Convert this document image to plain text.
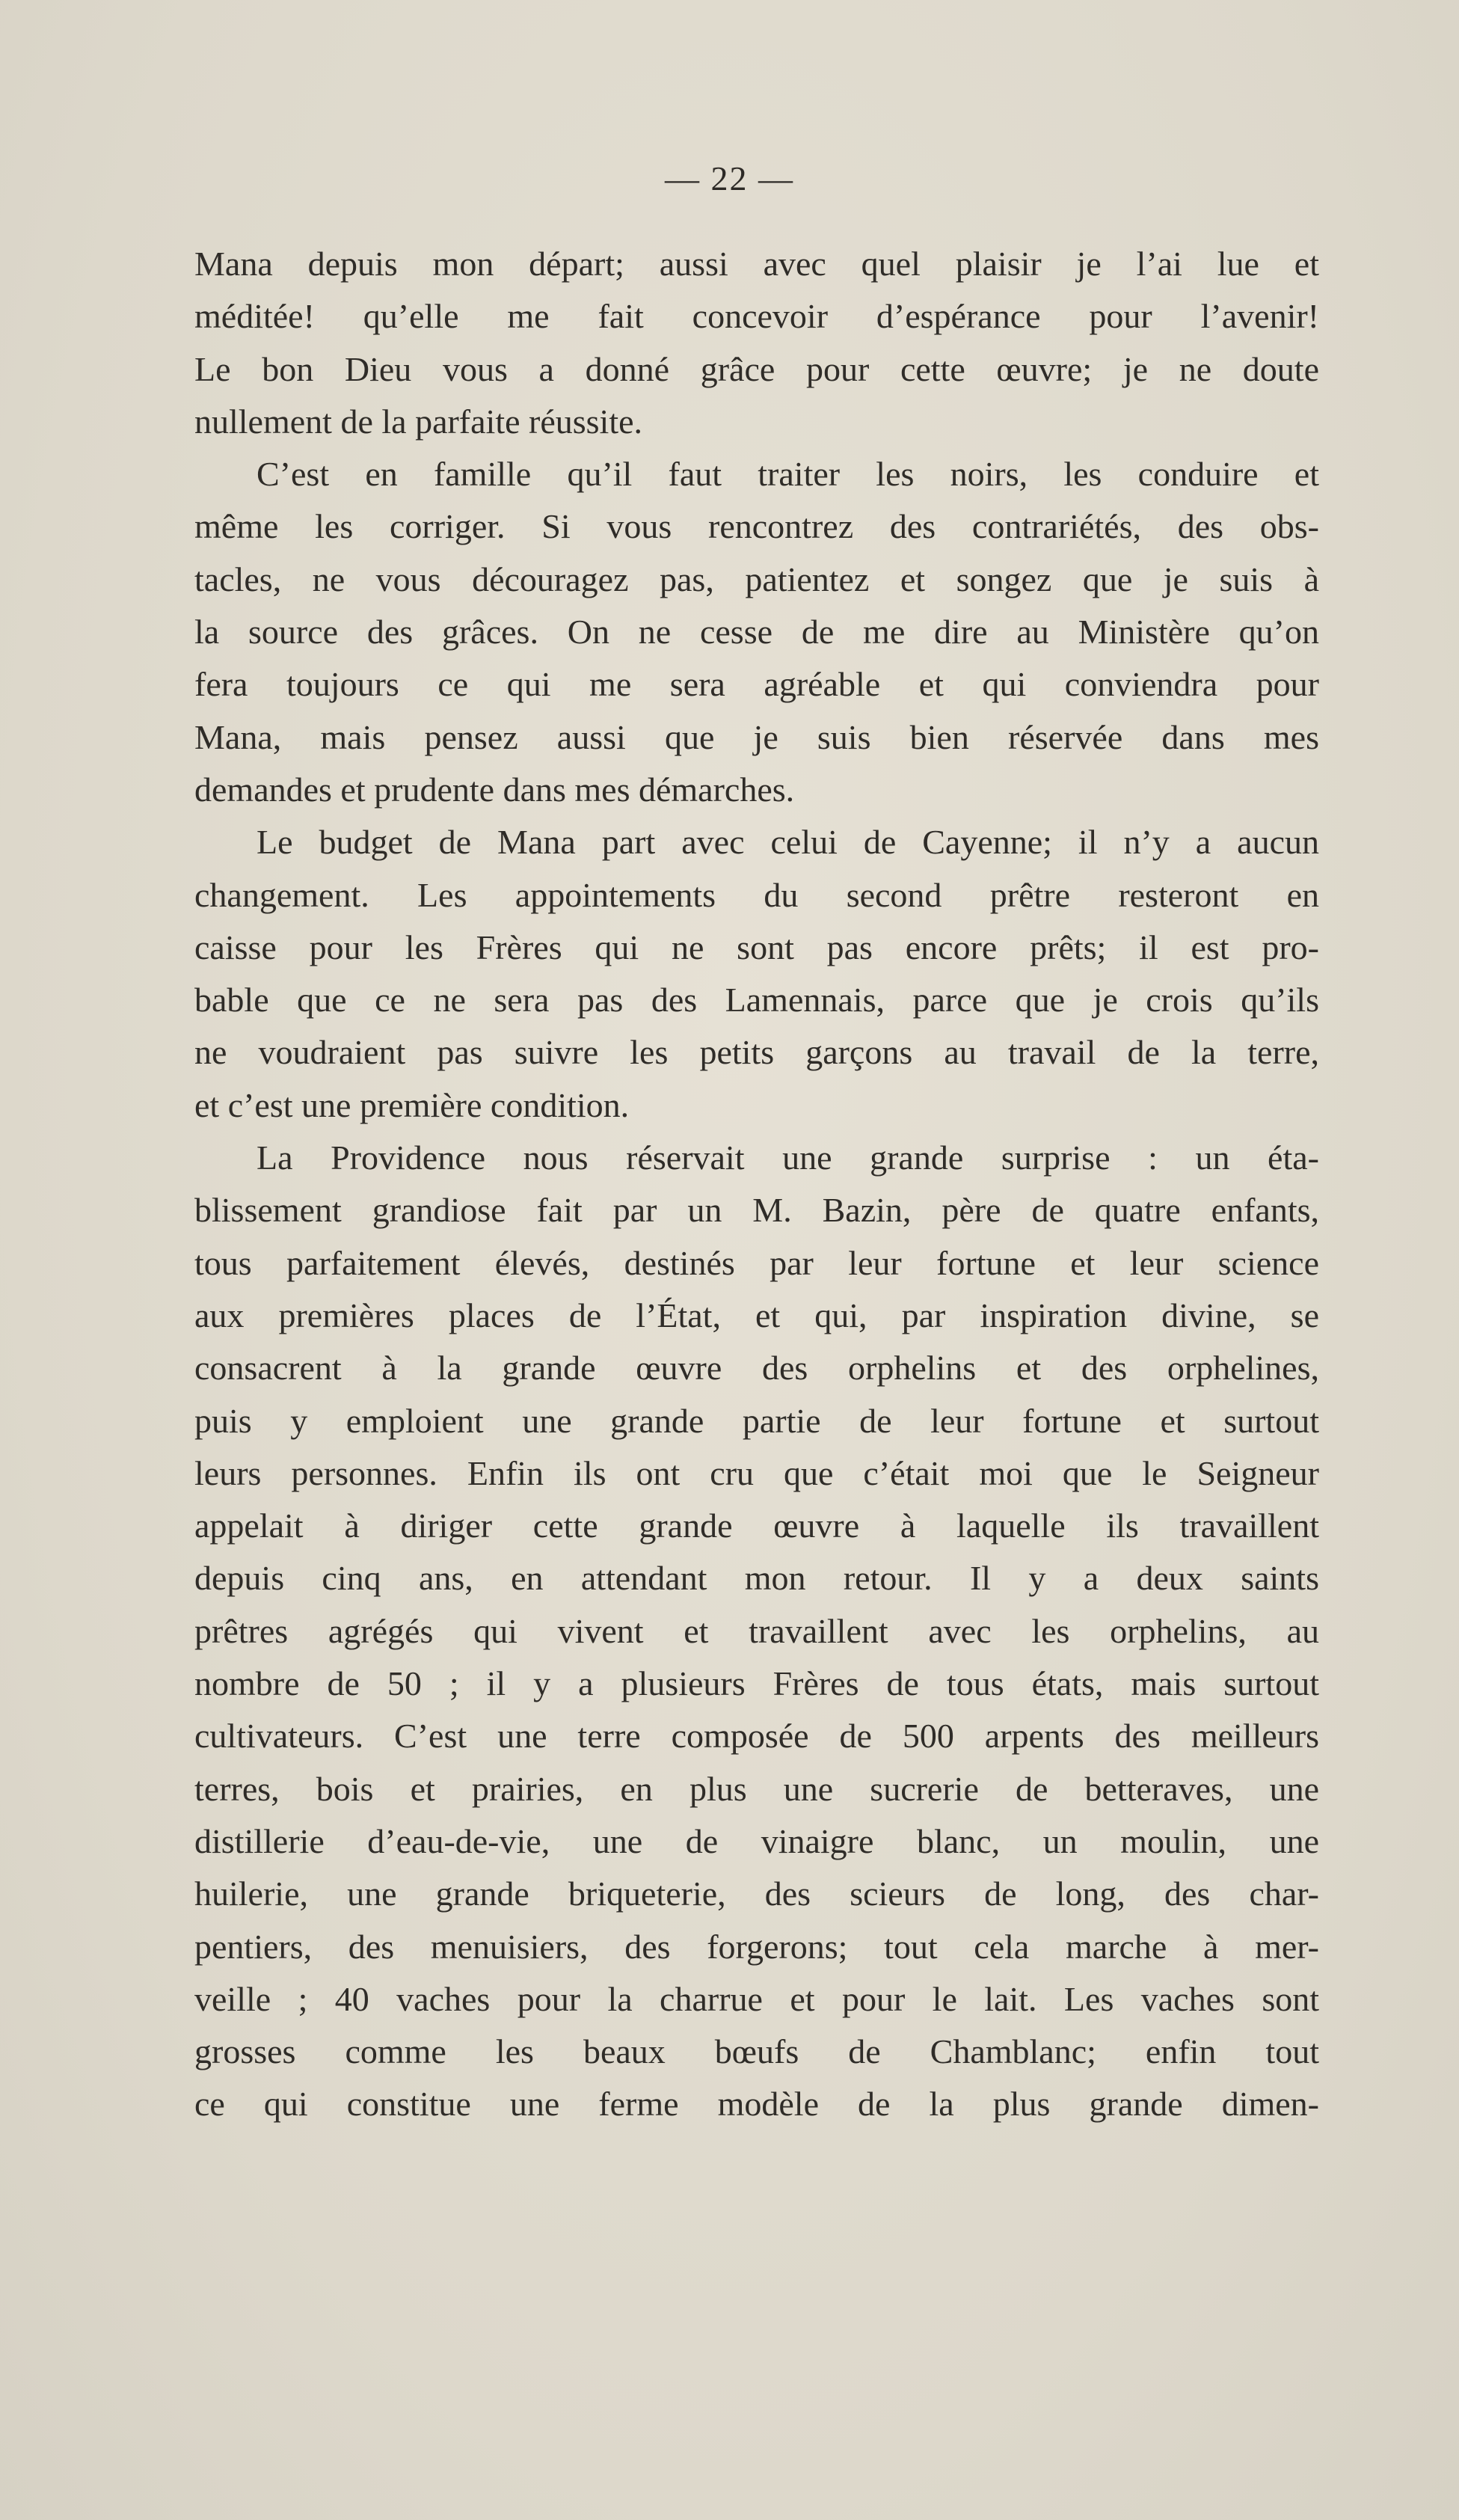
— 22 —
Mana depuis mon départ; aussi avec quel plaisir je l’ai lue et
méditée! qu’elle me fait concevoir d’espérance pour l’avenir!
Le bon Dieu vous a donné grâce pour cette œuvre; je ne doute
nullement de la parfaite réussite.
C’est en famille qu’il faut traiter les noirs, les conduire et
même les corriger. Si vous rencontrez des contrariétés, des obs-
tacles, ne vous découragez pas, patientez et songez que je suis à
la source des grâces. On ne cesse de me dire au Ministère qu’on
fera toujours ce qui me sera agréable et qui conviendra pour
Mana, mais pensez aussi que je suis bien réservée dans mes
demandes et prudente dans mes démarches.
Le budget de Mana part avec celui de Cayenne; il n’y a aucun
changement. Les appointements du second prêtre resteront en
caisse pour les Frères qui ne sont pas encore prêts; il est pro-
bable que ce ne sera pas des Lamennais, parce que je crois qu’ils
ne voudraient pas suivre les petits garçons au travail de la terre,
et c’est une première condition.
La Providence nous réservait une grande surprise : un éta-
blissement grandiose fait par un M. Bazin, père de quatre enfants,
tous parfaitement élevés, destinés par leur fortune et leur science
aux premières places de l’État, et qui, par inspiration divine, se
consacrent à la grande œuvre des orphelins et des orphelines,
puis y emploient une grande partie de leur fortune et surtout
leurs personnes. Enfin ils ont cru que c’était moi que le Seigneur
appelait à diriger cette grande œuvre à laquelle ils travaillent
depuis cinq ans, en attendant mon retour. Il y a deux saints
prêtres agrégés qui vivent et travaillent avec les orphelins, au
nombre de 50 ; il y a plusieurs Frères de tous états, mais surtout
cultivateurs. C’est une terre composée de 500 arpents des meilleurs
terres, bois et prairies, en plus une sucrerie de betteraves, une
distillerie d’eau-de-vie, une de vinaigre blanc, un moulin, une
huilerie, une grande briqueterie, des scieurs de long, des char-
pentiers, des menuisiers, des forgerons; tout cela marche à mer-
veille ; 40 vaches pour la charrue et pour le lait. Les vaches sont
grosses comme les beaux bœufs de Chamblanc; enfin tout
ce qui constitue une ferme modèle de la plus grande dimen-
